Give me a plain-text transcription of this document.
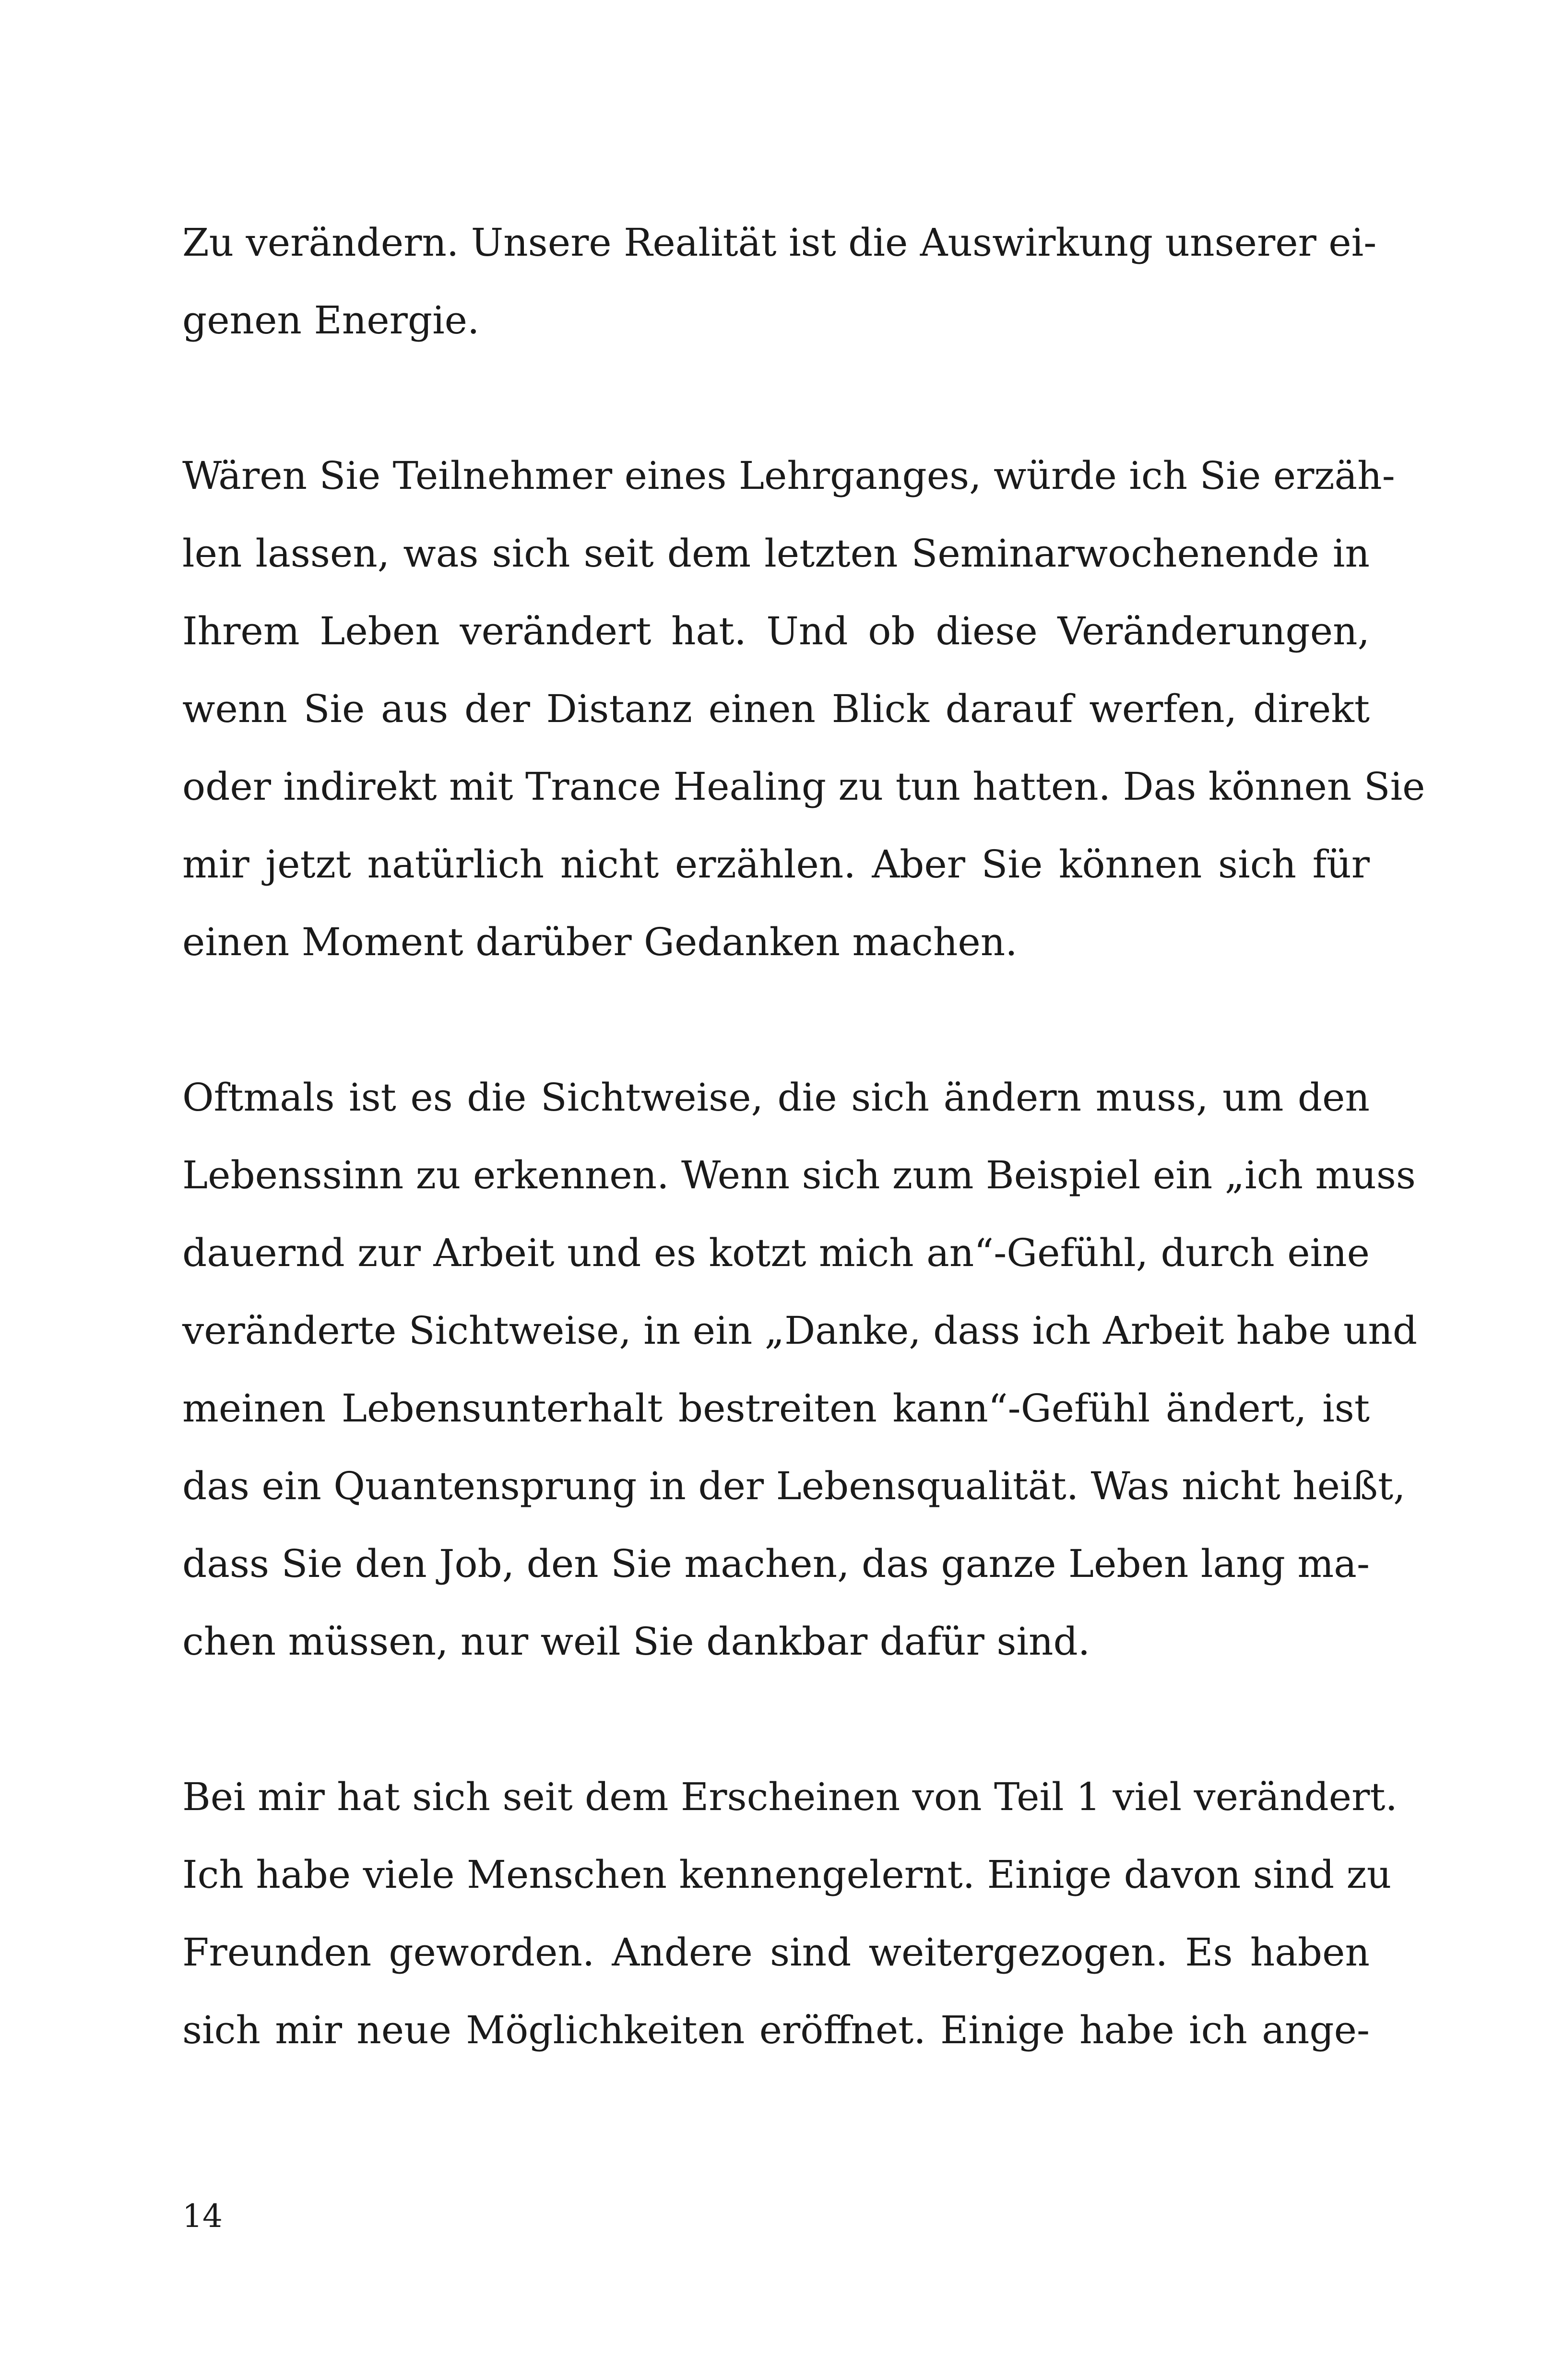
Zu verändern. Unsere Realität ist die Auswirkung unserer ei-
genen Energie.

Wären Sie Teilnehmer eines Lehrganges, würde ich Sie erzäh-
len lassen, was sich seit dem letzten Seminarwochenende in
Ihrem Leben verändert hat. Und ob diese Veränderungen,
wenn Sie aus der Distanz einen Blick darauf werfen, direkt
oder indirekt mit Trance Healing zu tun hatten. Das können Sie
mir jetzt natürlich nicht erzählen. Aber Sie können sich für
einen Moment darüber Gedanken machen.

Oftmals ist es die Sichtweise, die sich ändern muss, um den
Lebenssinn zu erkennen. Wenn sich zum Beispiel ein „ich muss
dauernd zur Arbeit und es kotzt mich an“-Gefühl, durch eine
veränderte Sichtweise, in ein „Danke, dass ich Arbeit habe und
meinen Lebensunterhalt bestreiten kann“-Gefühl ändert, ist
das ein Quantensprung in der Lebensqualität. Was nicht heißt,
dass Sie den Job, den Sie machen, das ganze Leben lang ma-
chen müssen, nur weil Sie dankbar dafür sind.

Bei mir hat sich seit dem Erscheinen von Teil 1 viel verändert.
Ich habe viele Menschen kennengelernt. Einige davon sind zu
Freunden geworden. Andere sind weitergezogen. Es haben
sich mir neue Möglichkeiten eröffnet. Einige habe ich ange-

14
